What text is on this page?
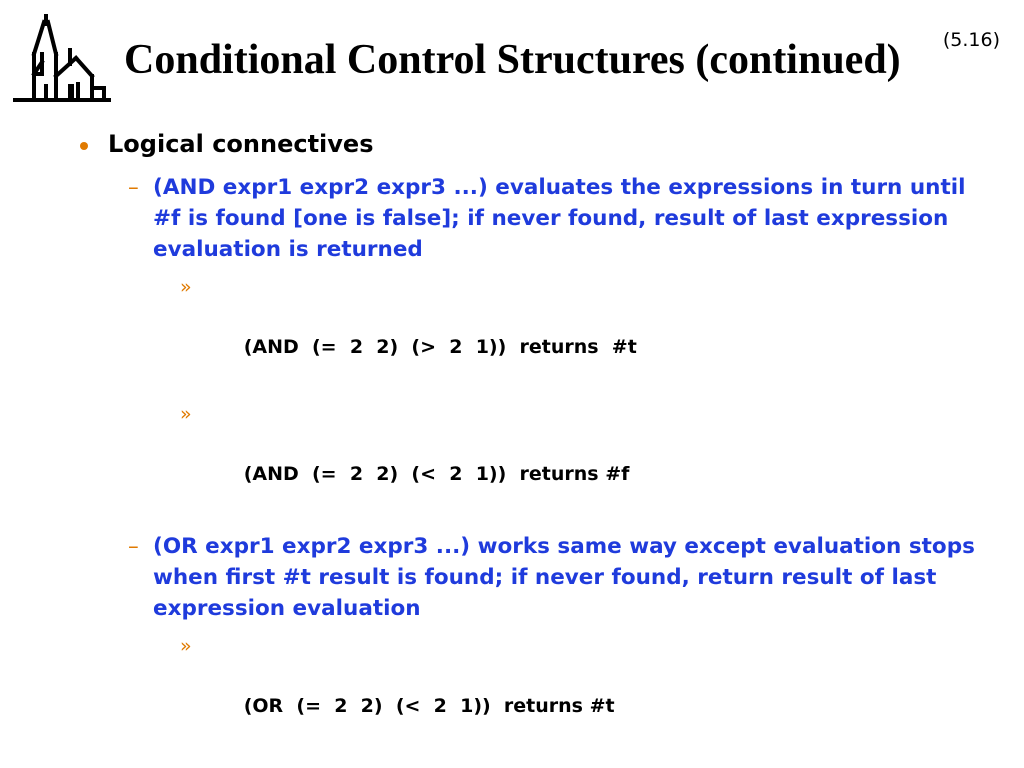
(5.16)
Conditional Control Structures (continued)
Logical connectives
– (AND expr1 expr2 expr3 ...) evaluates the expressions in turn until #f is found [one is false]; if never found, result of last expression evaluation is returned

»

(AND  (=  2  2)  (>  2  1))  returns  #t

»

(AND  (=  2  2)  (<  2  1))  returns #f

– (OR expr1 expr2 expr3 ...) works same way except evaluation stops when first #t result is found; if never found, return result of last expression evaluation

»

(OR  (=  2  2)  (<  2  1))  returns #t
